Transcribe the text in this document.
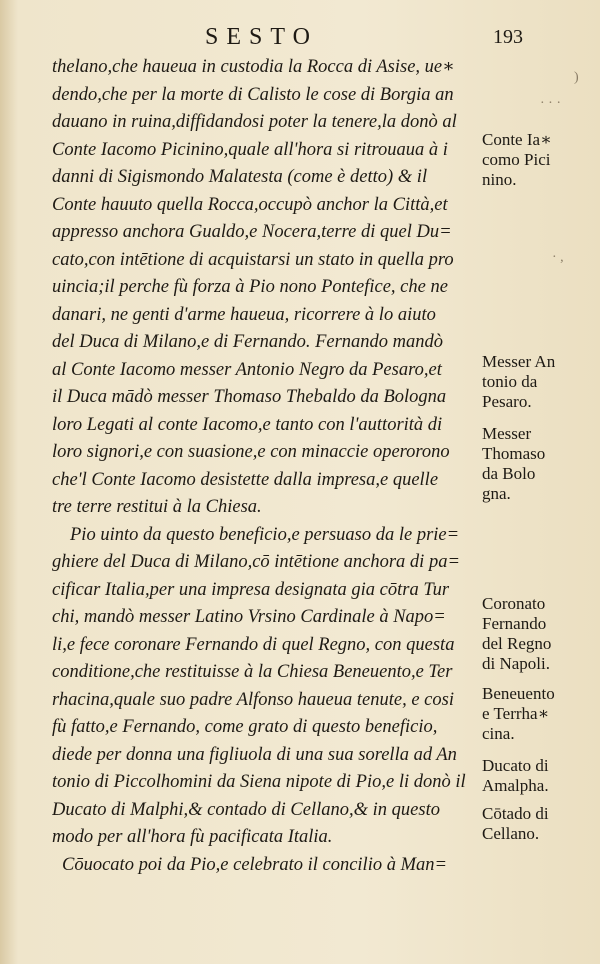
SESTO	193
thelano,che haueua in custodia la Rocca di Asise, ue∗
dendo,che per la morte di Calisto le cose di Borgia an
dauano in ruina,diffidandosi poter la tenere,la donò al
Conte Iacomo Picinino,quale all'hora si ritrouaua à i
danni di Sigismondo Malatesta (come è detto) & il
Conte hauuto quella Rocca,occupò anchor la Città,et
appresso anchora Gualdo,e Nocera,terre di quel Du=
cato,con intētione di acquistarsi un stato in quella pro
uincia;il perche fù forza à Pio nono Pontefice, che ne
danari, ne genti d'arme haueua, ricorrere à lo aiuto
del Duca di Milano,e di Fernando. Fernando mandò
al Conte Iacomo messer Antonio Negro da Pesaro,et
il Duca mādò messer Thomaso Thebaldo da Bologna
loro Legati al conte Iacomo,e tanto con l'auttorità di
loro signori,e con suasione,e con minaccie operorono
che'l Conte Iacomo desistette dalla impresa,e quelle
tre terre restitui à la Chiesa.
Pio uinto da questo beneficio,e persuaso da le prie=
ghiere del Duca di Milano,cō intētione anchora di pa=
cificar Italia,per una impresa designata gia cōtra Tur
chi, mandò messer Latino Vrsino Cardinale à Napo=
li,e fece coronare Fernando di quel Regno, con questa
conditione,che restituisse à la Chiesa Beneuento,e Ter
rhacina,quale suo padre Alfonso haueua tenute, e cosi
fù fatto,e Fernando, come grato di questo beneficio,
diede per donna una figliuola di una sua sorella ad An
tonio di Piccolhomini da Siena nipote di Pio,e li donò il
Ducato di Malphi,& contado di Cellano,& in questo
modo per all'hora fù pacificata Italia.
Cōuocato poi da Pio,e celebrato il concilio à Man=
)
· · ·
· ,
Conte Ia∗
como Pici
nino.
Messer An
tonio da
Pesaro.
Messer
Thomaso
da Bolo
gna.
Coronato
Fernando
del Regno
di Napoli.
Beneuento
e Terrha∗
cina.
Ducato di
Amalpha.
Cōtado di
Cellano.
